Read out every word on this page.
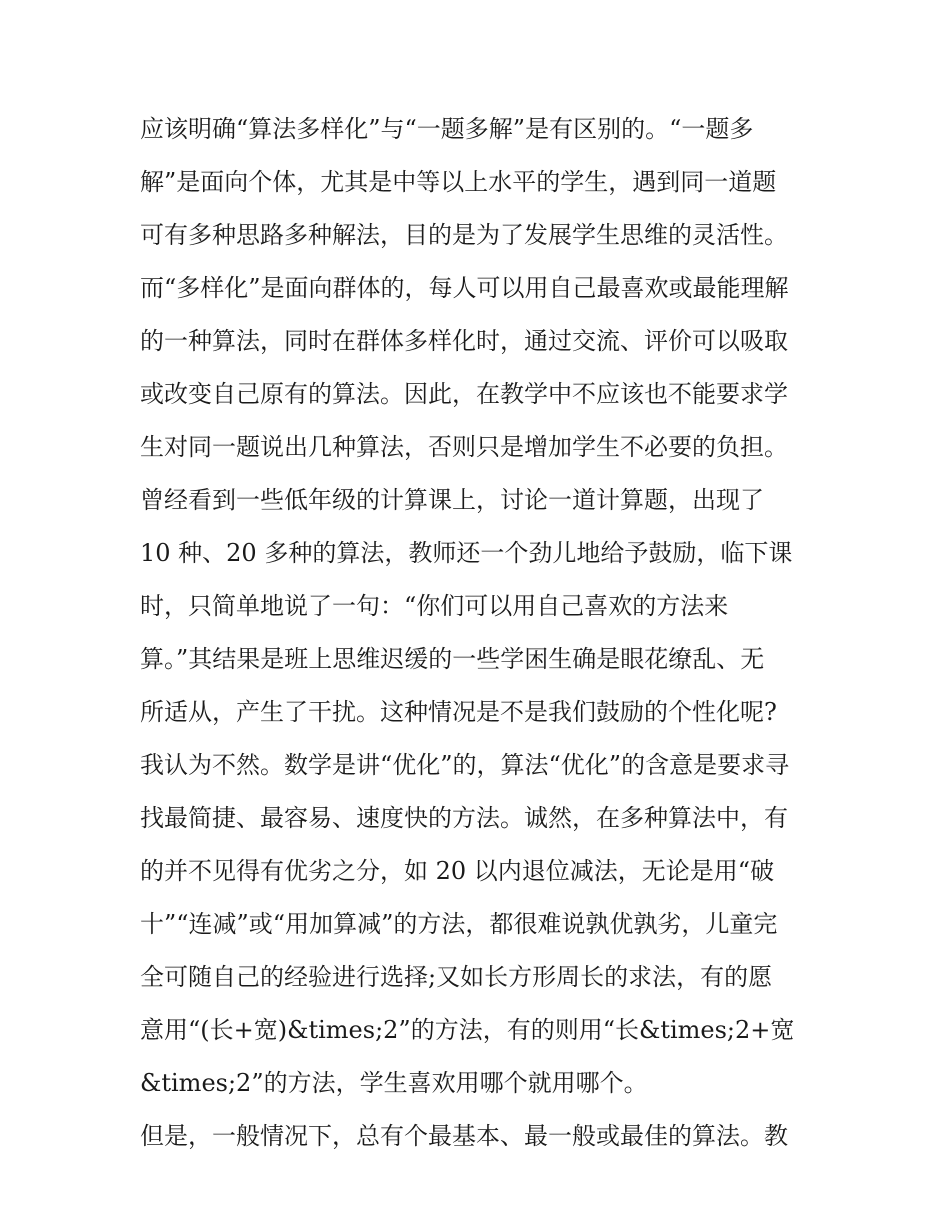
应该明确“算法多样化”与“一题多解”是有区别的。“一题多
解”是面向个体，尤其是中等以上水平的学生，遇到同一道题
可有多种思路多种解法，目的是为了发展学生思维的灵活性。
而“多样化”是面向群体的，每人可以用自己最喜欢或最能理解
的一种算法，同时在群体多样化时，通过交流、评价可以吸取
或改变自己原有的算法。因此，在教学中不应该也不能要求学
生对同一题说出几种算法，否则只是增加学生不必要的负担。
曾经看到一些低年级的计算课上，讨论一道计算题，出现了
10 种、20 多种的算法，教师还一个劲儿地给予鼓励，临下课
时，只简单地说了一句：“你们可以用自己喜欢的方法来
算。”其结果是班上思维迟缓的一些学困生确是眼花缭乱、无
所适从，产生了干扰。这种情况是不是我们鼓励的个性化呢?
我认为不然。数学是讲“优化”的，算法“优化”的含意是要求寻
找最简捷、最容易、速度快的方法。诚然，在多种算法中，有
的并不见得有优劣之分，如 20 以内退位减法，无论是用“破
十”“连减”或“用加算减”的方法，都很难说孰优孰劣，儿童完
全可随自己的经验进行选择;又如长方形周长的求法，有的愿
意用“(长+宽)&times;2”的方法，有的则用“长&times;2+宽
&times;2”的方法，学生喜欢用哪个就用哪个。
但是，一般情况下，总有个最基本、最一般或最佳的算法。教
